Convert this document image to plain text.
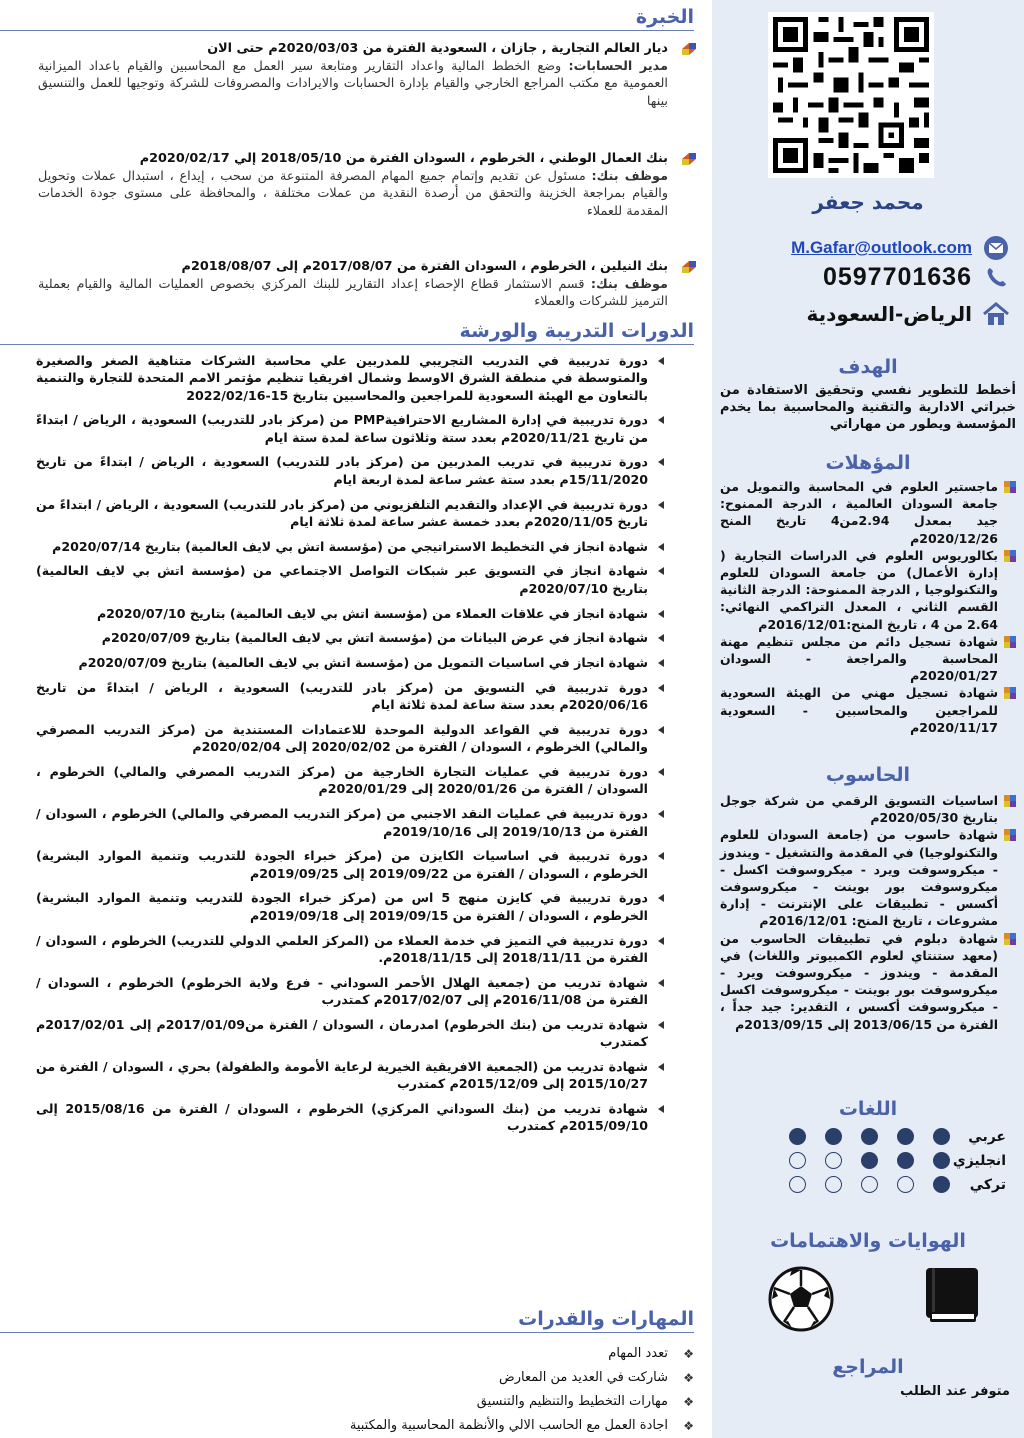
محمد جعفر

M.Gafar@outlook.com
0597701636
الرياض-السعودية

الهدف

أخطط للتطوير نفسي وتحقيق الاستفادة من خبراتي الادارية والتقنية والمحاسبية بما يخدم المؤسسة ويطور من مهاراتي

المؤهلات

ماجستير العلوم في المحاسبة والتمويل من جامعة السودان العالمية ، الدرجة الممنوح: جيد بمعدل 2.94من4 تاريخ المنح 2020/12/26م
بكالوريوس العلوم في الدراسات التجارية ( إدارة الأعمال) من جامعة السودان للعلوم والتكنولوجيا , الدرجة الممنوحة: الدرجة الثانية القسم الثاني ، المعدل التراكمي النهائي: 2.64 من 4 ، تاريخ المنح:2016/12/01م
شهادة تسجيل دائم من مجلس تنظيم مهنة المحاسبة والمراجعة - السودان 2020/01/27م
شهادة تسجيل مهني من الهيئة السعودية للمراجعين والمحاسبين - السعودية 2020/11/17م

الحاسوب

اساسيات التسويق الرقمي من شركة جوجل بتاريخ 2020/05/30م
شهادة حاسوب من (جامعة السودان للعلوم والتكنولوجيا) في المقدمة والتشغيل - ويندوز - ميكروسوفت ويرد - ميكروسوفت اكسل - ميكروسوفت بور بوينت - ميكروسوفت أكسس - تطبيقات على الإنترنت - إدارة مشروعات ، تاريخ المنح: 2016/12/01م
شهادة دبلوم في تطبيقات الحاسوب من (معهد ستنتاي لعلوم الكمبيوتر واللغات) في المقدمة - ويندوز - ميكروسوفت ويرد - ميكروسوفت بور بوينت - ميكروسوفت اكسل - ميكروسوفت أكسس ، التقدير: جيد جداً ، الفترة من 2013/06/15 إلى 2013/09/15م

اللغات

عربي
انجليزي
تركي

الهوايات والاهتمامات

المراجع

متوفر عند الطلب
الخبرة
ديار العالم التجارية , جازان ، السعودية الفترة من 2020/03/03م حتى الان
مدير الحسابات: وضع الخطط المالية واعداد التقارير ومتابعة سير العمل مع المحاسبين والقيام باعداد الميزانية العمومية مع مكتب المراجع الخارجي والقيام بإدارة الحسابات والايرادات والمصروفات للشركة وتوجيها للعمل والتنسيق بينها
بنك العمال الوطني ، الخرطوم ، السودان الفترة من 2018/05/10 إلي 2020/02/17م
موظف بنك: مسئول عن تقديم وإتمام جميع المهام المصرفة المتنوعة من سحب ، إيداع ، استبدال عملات وتحويل والقيام بمراجعة الخزينة والتحقق من أرصدة النقدية من عملات مختلفة ، والمحافظة على مستوى جودة الخدمات المقدمة للعملاء
بنك النيلين ، الخرطوم ، السودان الفترة من 2017/08/07م إلى 2018/08/07م
موظف بنك: قسم الاستثمار قطاع الإحصاء إعداد التقارير للبنك المركزي بخصوص العمليات المالية والقيام بعملية الترميز للشركات والعملاء
الدورات التدريبة والورشة
دورة تدريبية في التدريب التجريبي للمدربين علي محاسبة الشركات متناهية الصغر والصغيرة والمتوسطة في منطقة الشرق الاوسط وشمال افريقيا تنظيم مؤتمر الامم المتحدة للتجارة والتنمية بالتعاون مع الهيئة السعودية للمراجعين والمحاسبين بتاريخ 15-2022/02/16
دورة تدريبية في إدارة المشاريع الاحترافيةPMP من (مركز بادر للتدريب) السعودية ، الرياض / ابتداءً من تاريخ 2020/11/21م بعدد ستة وثلاثون ساعة لمدة ستة ايام
دورة تدريبية في تدريب المدربين من (مركز بادر للتدريب) السعودية ، الرياض / ابتداءً من تاريخ 15/11/2020م بعدد ستة عشر ساعة لمدة اربعة ايام
دورة تدريبية في الإعداد والتقديم التلفزيوني من (مركز بادر للتدريب) السعودية ، الرياض / ابتداءً من تاريخ 2020/11/05م بعدد خمسة عشر ساعة لمدة ثلاثة ايام
شهادة انجاز في التخطيط الاستراتيجي من (مؤسسة اتش بي لايف العالمية) بتاريخ 2020/07/14م
شهادة انجاز في التسويق عبر شبكات التواصل الاجتماعي من (مؤسسة اتش بي لايف العالمية) بتاريخ 2020/07/10م
شهادة انجاز في علاقات العملاء من (مؤسسة اتش بي لايف العالمية) بتاريخ 2020/07/10م
شهادة انجاز في عرض البيانات من (مؤسسة اتش بي لايف العالمية) بتاريخ 2020/07/09م
شهادة انجاز في اساسيات التمويل من (مؤسسة اتش بي لايف العالمية) بتاريخ 2020/07/09م
دورة تدريبية في التسويق من (مركز بادر للتدريب) السعودية ، الرياض / ابتداءً من تاريخ 2020/06/16م بعدد ستة ساعة لمدة ثلاثة ايام
دورة تدريبية في القواعد الدولية الموحدة للاعتمادات المستندية من (مركز التدريب المصرفي والمالي) الخرطوم ، السودان / الفترة من 2020/02/02 إلى 2020/02/04م
دورة تدريبية في عمليات التجارة الخارجية من (مركز التدريب المصرفي والمالي) الخرطوم ، السودان / الفترة من 2020/01/26 إلى 2020/01/29م
دورة تدريبية في عمليات النقد الاجنبي من (مركز التدريب المصرفي والمالي) الخرطوم ، السودان / الفترة من 2019/10/13 إلى 2019/10/16م
دورة تدريبية في اساسيات الكايزن من (مركز خبراء الجودة للتدريب وتنمية الموارد البشرية) الخرطوم ، السودان / الفترة من 2019/09/22 إلى 2019/09/25م
دورة تدريبية في كايزن منهج 5 اس من (مركز خبراء الجودة للتدريب وتنمية الموارد البشرية) الخرطوم ، السودان / الفترة من 2019/09/15 إلى 2019/09/18م
دورة تدريبية في التميز في خدمة العملاء من (المركز العلمي الدولي للتدريب) الخرطوم ، السودان / الفترة من 2018/11/11 إلى 2018/11/15م.
شهادة تدريب من (جمعية الهلال الأحمر السوداني - فرع ولاية الخرطوم) الخرطوم ، السودان / الفترة من 2016/11/08م إلى 2017/02/07م كمتدرب
شهادة تدريب من (بنك الخرطوم) امدرمان ، السودان / الفترة من2017/01/09م إلى 2017/02/01م كمتدرب
شهادة تدريب من (الجمعية الافريقية الخيرية لرعاية الأمومة والطفولة) بحري ، السودان / الفترة من 2015/10/27 إلى 2015/12/09م كمتدرب
شهادة تدريب من (بنك السوداني المركزي) الخرطوم ، السودان / الفترة من 2015/08/16 إلى 2015/09/10م كمتدرب
المهارات والقدرات
❖ تعدد المهام
❖ شاركت في العديد من المعارض
❖ مهارات التخطيط والتنظيم والتنسيق
❖ اجادة العمل مع الحاسب الالي والأنظمة المحاسبية والمكتبية
